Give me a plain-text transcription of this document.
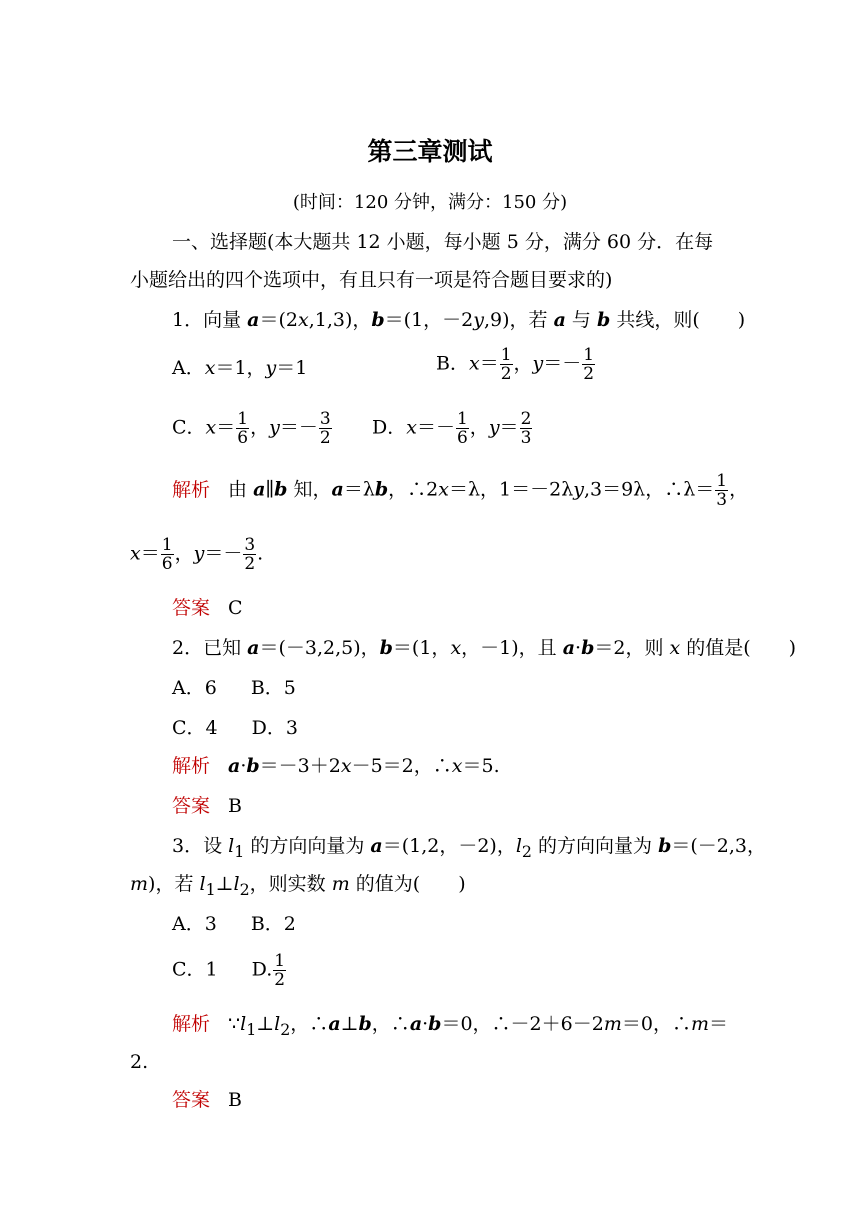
第三章测试
(时间：120 分钟，满分：150 分)
一、选择题(本大题共 12 小题，每小题 5 分，满分 60 分．在每
小题给出的四个选项中，有且只有一项是符合题目要求的)
1．向量 a＝(2x,1,3)，b＝(1，－2y,9)，若 a 与 b 共线，则(　　)
A．x＝1，y＝1	B．$x= \frac{1}{2}$ ，$y=- \frac{1}{2}$
C．$x= \frac{1}{6}$ ，$y=- \frac{3}{2}$ D．$x=- \frac{1}{6}$ ，$y= \frac{2}{3}$
解析 由 a∥b 知，a＝λb，∴2x＝λ，1＝－2λy,3＝9λ，∴λ＝ $\frac{1}{3}$ ，
$x= \frac{1}{6}$ ，$y=- \frac{3}{2}$ .
答案 C
2．已知 a＝(－3,2,5)，b＝(1，x，－1)，且 a·b＝2，则 x 的值是(　　)
A．6 B．5
C．4 D．3
解析 a·b＝－3＋2x－5＝2，∴x＝5.
答案 B
3．设 $l_1$ 的方向向量为 a＝(1,2，－2)，$l_2$ 的方向向量为 b＝(－2,3，
m)，若 $l_1\perp l_2$，则实数 m 的值为(　　)
A．3 B．2
C．1 D. $\frac{1}{2}$
解析 $\because l_1\perp l_2$，∴a⊥b，∴a·b＝0，∴－2＋6－2m＝0，∴m＝
2.
答案 B
